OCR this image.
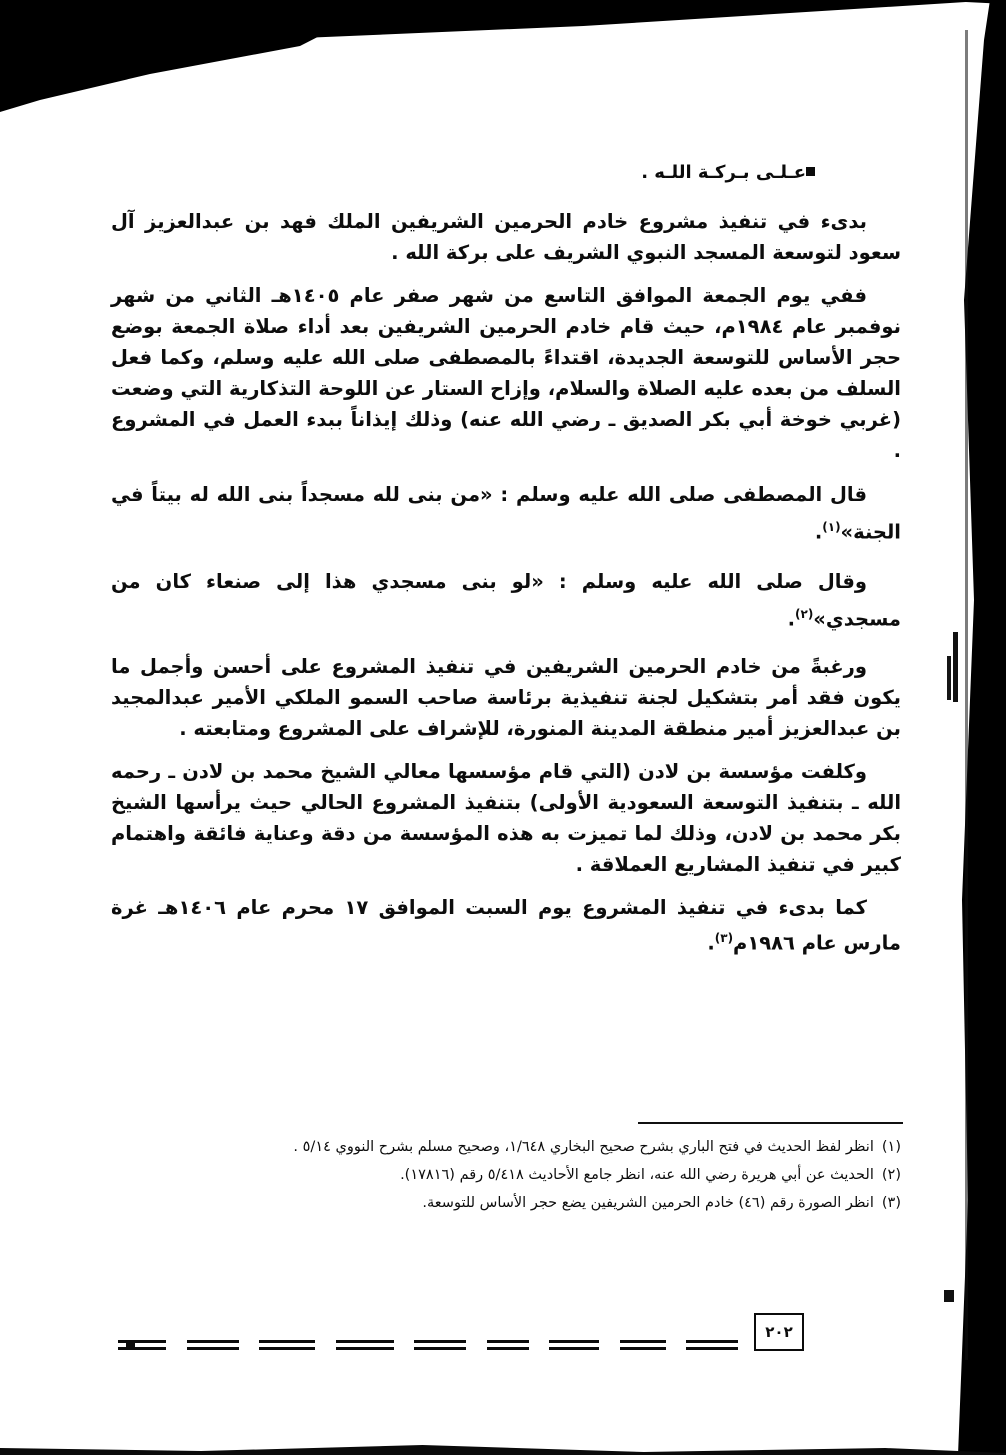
عـلـى بـركـة اللـه .

بدىء في تنفيذ مشروع خادم الحرمين الشريفين الملك فهد بن عبدالعزيز آل سعود لتوسعة المسجد النبوي الشريف على بركة الله .

ففي يوم الجمعة الموافق التاسع من شهر صفر عام ١٤٠٥هـ الثاني من شهر نوفمبر عام ١٩٨٤م، حيث قام خادم الحرمين الشريفين بعد أداء صلاة الجمعة بوضع حجر الأساس للتوسعة الجديدة، اقتداءً بالمصطفى صلى الله عليه وسلم، وكما فعل السلف من بعده عليه الصلاة والسلام، وإزاح الستار عن اللوحة التذكارية التي وضعت (غربي خوخة أبي بكر الصديق ـ رضي الله عنه) وذلك إيذاناً ببدء العمل في المشروع .

قال المصطفى صلى الله عليه وسلم : «من بنى لله مسجداً بنى الله له بيتاً في الجنة»$^{(١)}$.

وقال صلى الله عليه وسلم : «لو بنى مسجدي هذا إلى صنعاء كان من مسجدي»$^{(٢)}$.

ورغبةً من خادم الحرمين الشريفين في تنفيذ المشروع على أحسن وأجمل ما يكون فقد أمر بتشكيل لجنة تنفيذية برئاسة صاحب السمو الملكي الأمير عبدالمجيد بن عبدالعزيز أمير منطقة المدينة المنورة، للإشراف على المشروع ومتابعته .

وكلفت مؤسسة بن لادن (التي قام مؤسسها معالي الشيخ محمد بن لادن ـ رحمه الله ـ بتنفيذ التوسعة السعودية الأولى) بتنفيذ المشروع الحالي حيث يرأسها الشيخ بكر محمد بن لادن، وذلك لما تميزت به هذه المؤسسة من دقة وعناية فائقة واهتمام كبير في تنفيذ المشاريع العملاقة .

كما بدىء في تنفيذ المشروع يوم السبت الموافق ١٧ محرم عام ١٤٠٦هـ غرة مارس عام ١٩٨٦م$^{(٣)}$.

(١)
انظر لفظ الحديث في فتح الباري بشرح صحيح البخاري ١/٦٤٨، وصحيح مسلم بشرح النووي ٥/١٤ .
(٢)
الحديث عن أبي هريرة رضي الله عنه، انظر جامع الأحاديث ٥/٤١٨ رقم (١٧٨١٦).
(٣)
انظر الصورة رقم (٤٦) خادم الحرمين الشريفين يضع حجر الأساس للتوسعة.
٢٠٢
